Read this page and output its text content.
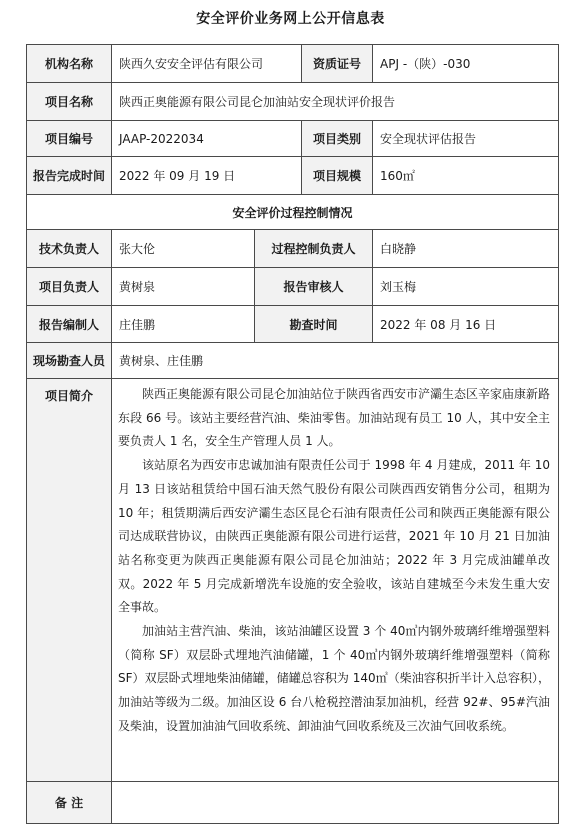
安全评价业务网上公开信息表
机构名称	陕西久安安全评估有限公司		资质证号	APJ -（陕）-030
项目名称	陕西正奥能源有限公司昆仑加油站安全现状评价报告			
项目编号	JAAP-2022034		项目类别	安全现状评估报告
报告完成时间	2022 年 09 月 19 日		项目规模	160㎡
安全评价过程控制情况				
技术负责人	张大伦	过程控制负责人		白晓静
项目负责人	黄树泉	报告审核人		刘玉梅
报告编制人	庄佳鹏	勘查时间		2022 年 08 月 16 日
现场勘查人员	黄树泉、庄佳鹏			
项目简介	陕西正奥能源有限公司昆仑加油站位于陕西省西安市浐灞生态区辛家庙康新路东段 66 号。该站主要经营汽油、柴油零售。加油站现有员工 10 人，其中安全主要负责人 1 名，安全生产管理人员 1 人。

该站原名为西安市忠诚加油有限责任公司于 1998 年 4 月建成，2011 年 10 月 13 日该站租赁给中国石油天然气股份有限公司陕西西安销售分公司，租期为 10 年；租赁期满后西安浐灞生态区昆仑石油有限责任公司和陕西正奥能源有限公司达成联营协议，由陕西正奥能源有限公司进行运营，2021 年 10 月 21 日加油站名称变更为陕西正奥能源有限公司昆仑加油站；2022 年 3 月完成油罐单改双。2022 年 5 月完成新增洗车设施的安全验收，该站自建城至今未发生重大安全事故。

加油站主营汽油、柴油，该站油罐区设置 3 个 40㎥内钢外玻璃纤维增强塑料（简称 SF）双层卧式埋地汽油储罐，1 个 40㎥内钢外玻璃纤维增强塑料（简称 SF）双层卧式埋地柴油储罐，储罐总容积为 140㎥（柴油容积折半计入总容积），加油站等级为二级。加油区设 6 台八枪税控潜油泵加油机，经营 92#、95#汽油及柴油，设置加油油气回收系统、卸油油气回收系统及三次油气回收系统。			

备 注				
